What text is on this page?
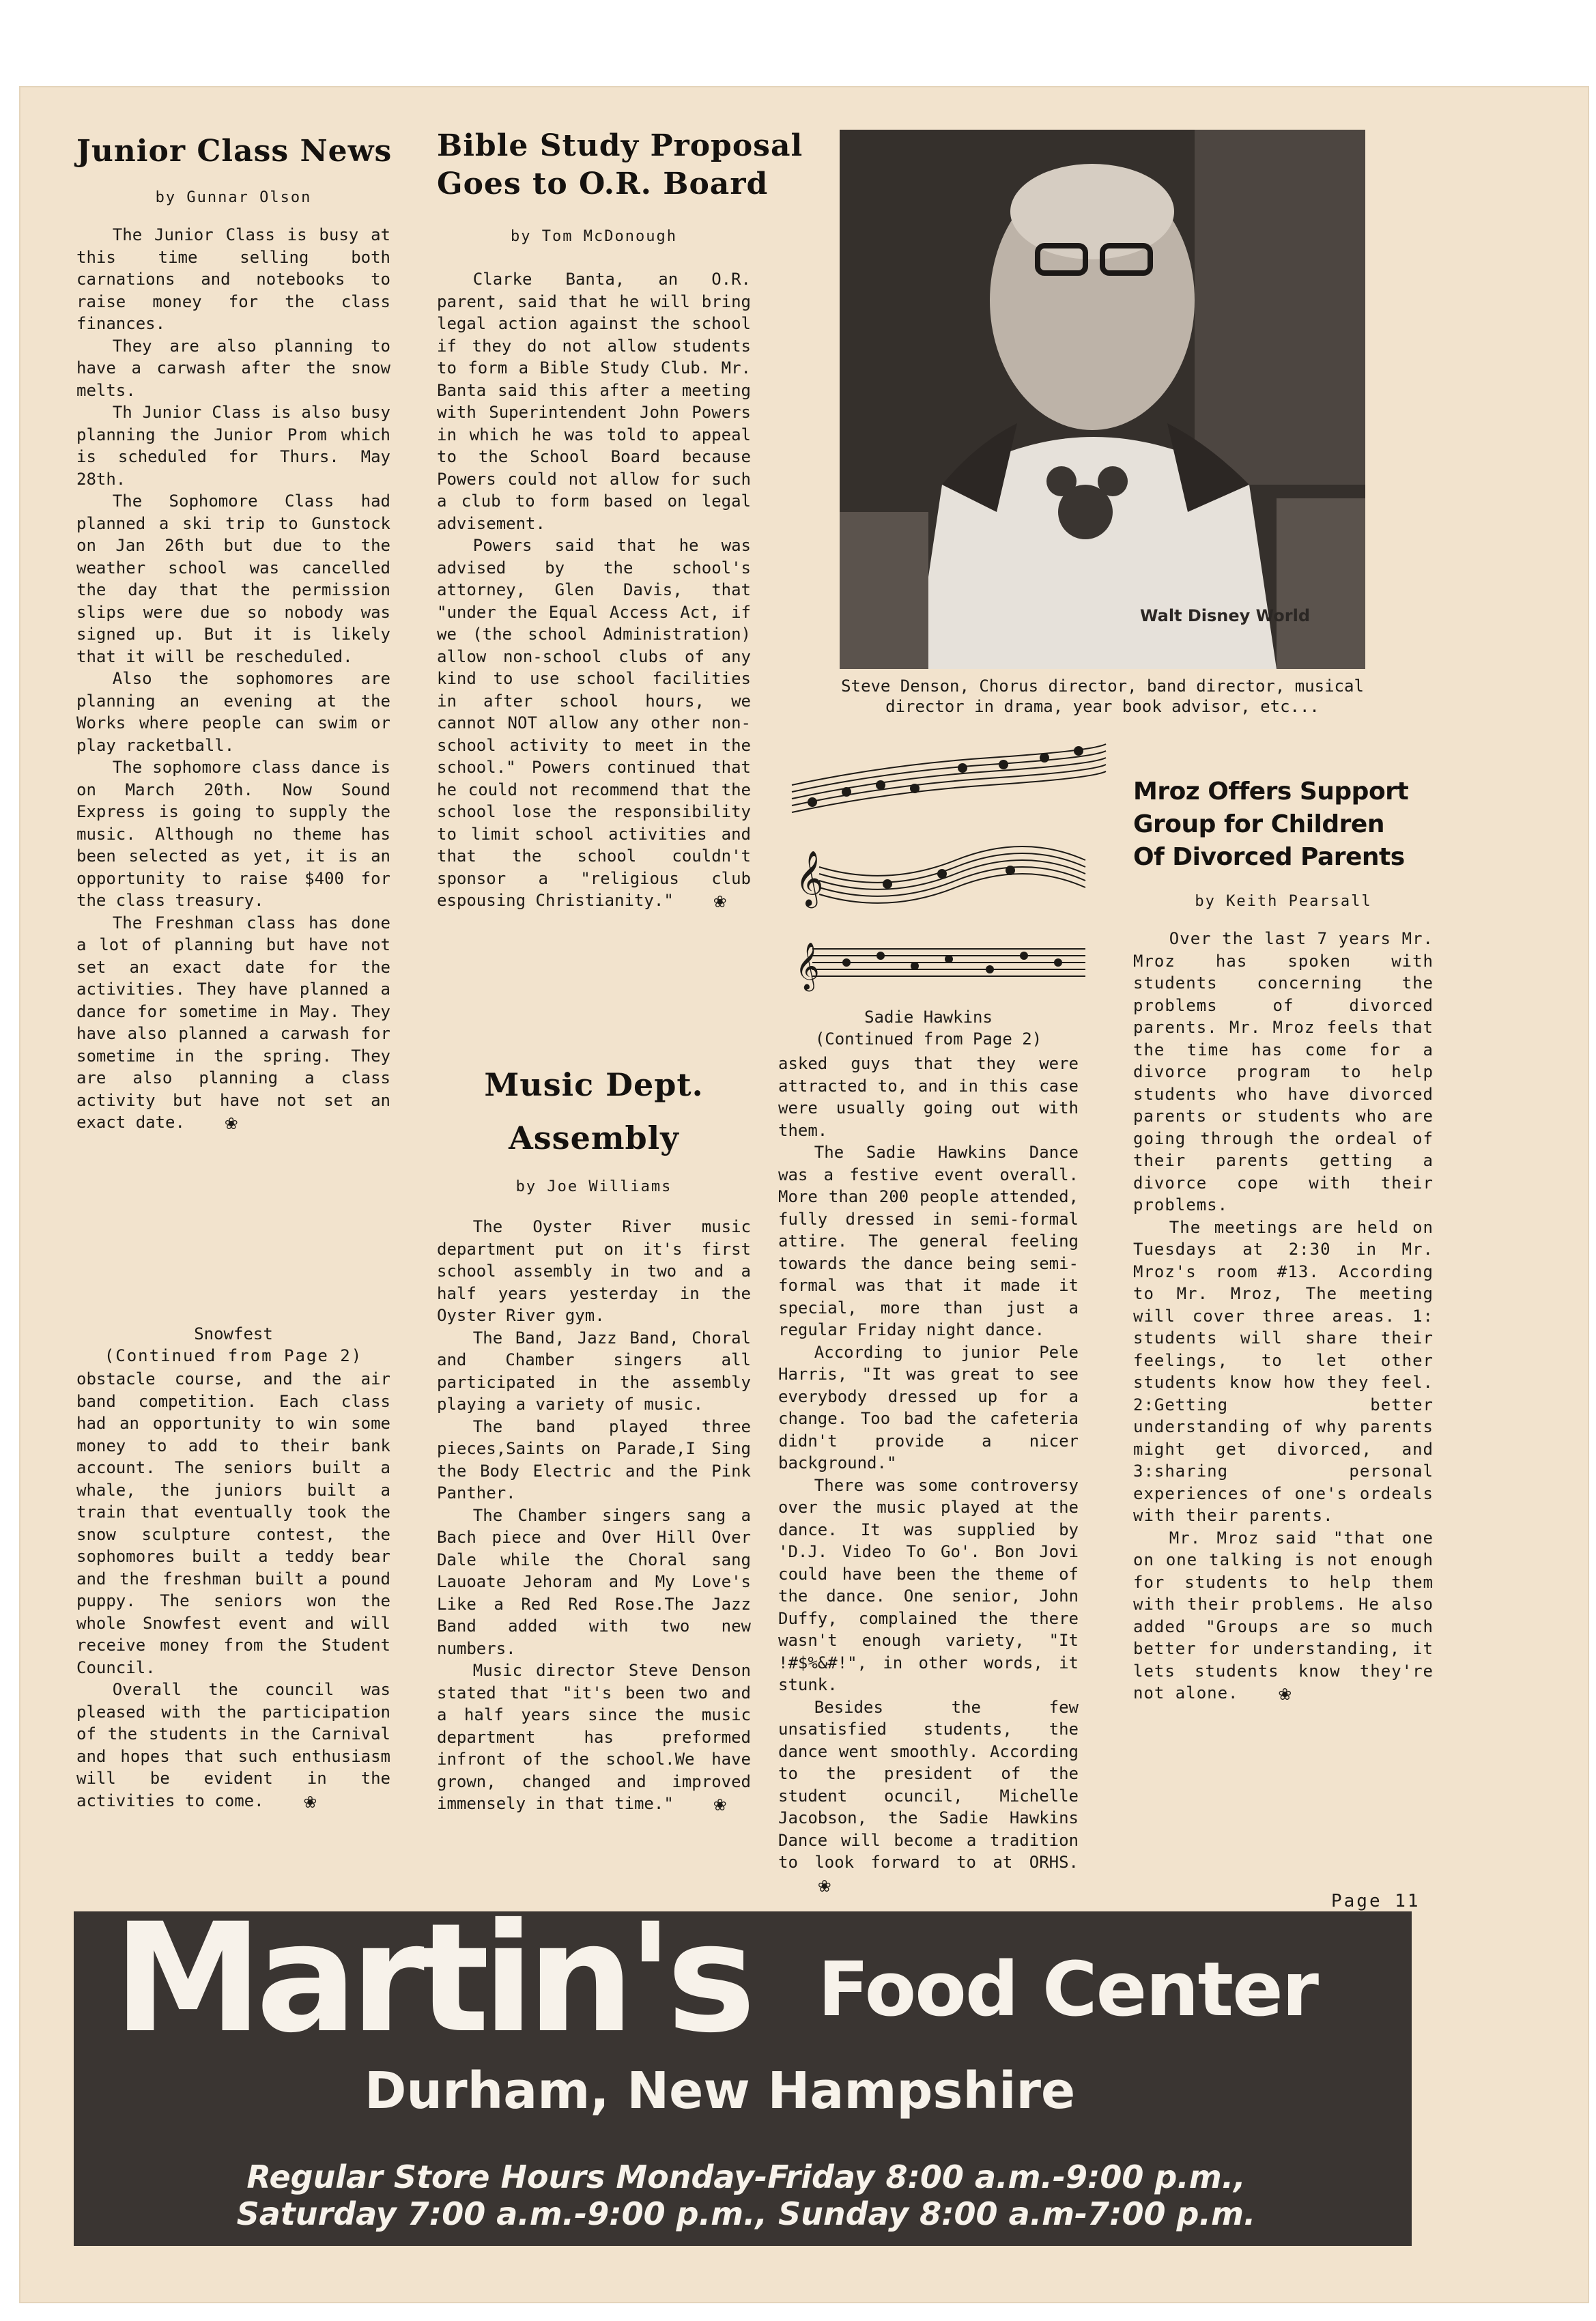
Junior Class News
by Gunnar Olson

The Junior Class is busy at this time selling both carnations and notebooks to raise money for the class finances.

They are also planning to have a carwash after the snow melts.

Th Junior Class is also busy planning the Junior Prom which is scheduled for Thurs. May 28th.

The Sophomore Class had planned a ski trip to Gunstock on Jan 26th but due to the weather school was cancelled the day that the permission slips were due so nobody was signed up. But it is likely that it will be rescheduled.

Also the sophomores are planning an evening at the Works where people can swim or play racketball.

The sophomore class dance is on March 20th. Now Sound Express is going to supply the music. Although no theme has been selected as yet, it is an opportunity to raise $400 for the class treasury.

The Freshman class has done a lot of planning but have not set an exact date for the activities. They have planned a dance for sometime in May. They have also planned a carwash for sometime in the spring. They are also planning a class activity but have not set an exact date. ❀

Snowfest
(Continued from Page 2)

obstacle course, and the air band competition. Each class had an opportunity to win some money to add to their bank account. The seniors built a whale, the juniors built a train that eventually took the snow sculpture contest, the sophomores built a teddy bear and the freshman built a pound puppy. The seniors won the whole Snowfest event and will receive money from the Student Council.

Overall the council was pleased with the participation of the students in the Carnival and hopes that such enthusiasm will be evident in the activities to come. ❀

Bible Study Proposal
Goes to O.R. Board
by Tom McDonough

Clarke Banta, an O.R. parent, said that he will bring legal action against the school if they do not allow students to form a Bible Study Club. Mr. Banta said this after a meeting with Superintendent John Powers in which he was told to appeal to the School Board because Powers could not allow for such a club to form based on legal advisement.

Powers said that he was advised by the school's attorney, Glen Davis, that "under the Equal Access Act, if we (the school Administration) allow non-school clubs of any kind to use school facilities in after school hours, we cannot NOT allow any other non-school activity to meet in the school." Powers continued that he could not recommend that the school lose the responsibility to limit school activities and that the school couldn't sponsor a "religious club espousing Christianity." ❀

Music Dept.
Assembly
by Joe Williams

The Oyster River music department put on it's first school assembly in two and a half years yesterday in the Oyster River gym.

The Band, Jazz Band, Choral and Chamber singers all participated in the assembly playing a variety of music.

The band played three pieces,Saints on Parade,I Sing the Body Electric and the Pink Panther.

The Chamber singers sang a Bach piece and Over Hill Over Dale while the Choral sang Lauoate Jehoram and My Love's Like a Red Red Rose.The Jazz Band added with two new numbers.

Music director Steve Denson stated that "it's been two and a half years since the music department has preformed infront of the school.We have grown, changed and improved immensely in that time." ❀

Walt Disney World
Steve Denson, Chorus director, band director, musical director in drama, year book advisor, etc...
𝄞
𝄞
Sadie Hawkins
(Continued from Page 2)

asked guys that they were attracted to, and in this case were usually going out with them.

The Sadie Hawkins Dance was a festive event overall. More than 200 people attended, fully dressed in semi-formal attire. The general feeling towards the dance being semi-formal was that it made it special, more than just a regular Friday night dance.

According to junior Pele Harris, "It was great to see everybody dressed up for a change. Too bad the cafeteria didn't provide a nicer background."

There was some controversy over the music played at the dance. It was supplied by 'D.J. Video To Go'. Bon Jovi could have been the theme of the dance. One senior, John Duffy, complained the there wasn't enough variety, "It !#$%&#!", in other words, it stunk.

Besides the few unsatisfied students, the dance went smoothly. According to the president of the student ocuncil, Michelle Jacobson, the Sadie Hawkins Dance will become a tradition to look forward to at ORHS.❀

Mroz Offers Support
Group for Children
Of Divorced Parents
by Keith Pearsall

Over the last 7 years Mr. Mroz has spoken with students concerning the problems of divorced parents. Mr. Mroz feels that the time has come for a divorce program to help students who have divorced parents or students who are going through the ordeal of their parents getting a divorce cope with their problems.

The meetings are held on Tuesdays at 2:30 in Mr. Mroz's room #13. According to Mr. Mroz, The meeting will cover three areas. 1: students will share their feelings, to let other students know how they feel. 2:Getting better understanding of why parents might get divorced, and 3:sharing personal experiences of one's ordeals with their parents.

Mr. Mroz said "that one on one talking is not enough for students to help them with their problems. He also added "Groups are so much better for understanding, it lets students know they're not alone. ❀

Page 11
Martin's Food Center
Durham, New Hampshire
Regular Store Hours Monday-Friday 8:00 a.m.-9:00 p.m.,
Saturday 7:00 a.m.-9:00 p.m., Sunday 8:00 a.m-7:00 p.m.
